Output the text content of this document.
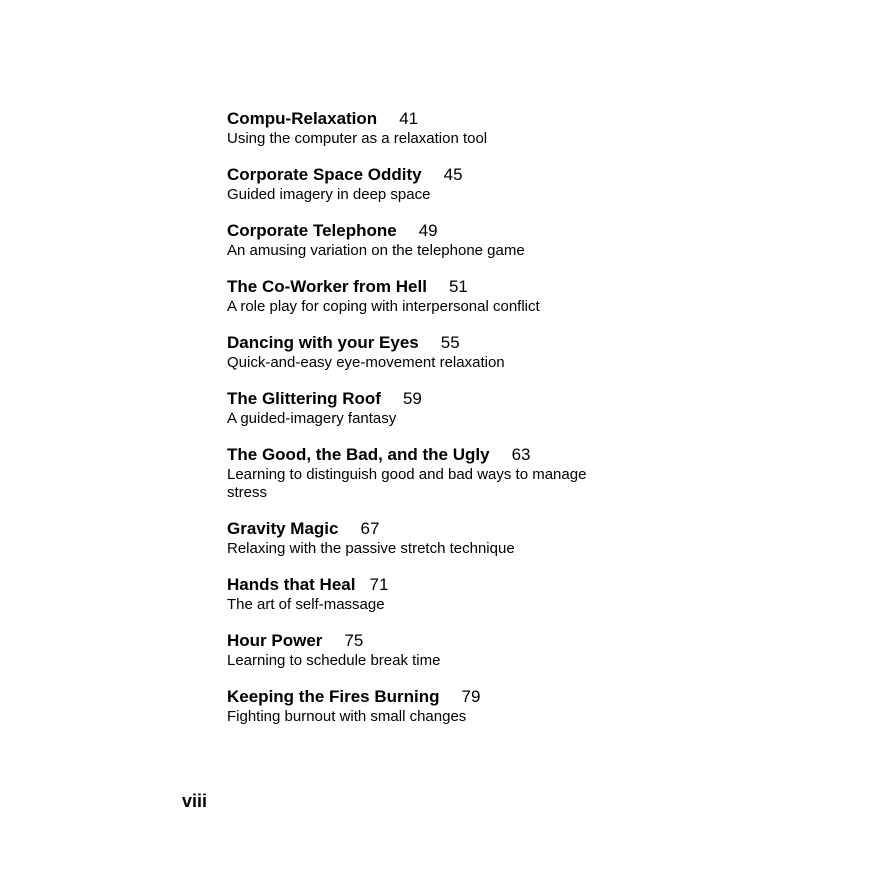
Compu-Relaxation 41
Using the computer as a relaxation tool
Corporate Space Oddity 45
Guided imagery in deep space
Corporate Telephone 49
An amusing variation on the telephone game
The Co-Worker from Hell 51
A role play for coping with interpersonal conflict
Dancing with your Eyes 55
Quick-and-easy eye-movement relaxation
The Glittering Roof 59
A guided-imagery fantasy
The Good, the Bad, and the Ugly 63
Learning to distinguish good and bad ways to manage stress
Gravity Magic 67
Relaxing with the passive stretch technique
Hands that Heal 71
The art of self-massage
Hour Power 75
Learning to schedule break time
Keeping the Fires Burning 79
Fighting burnout with small changes
viii
